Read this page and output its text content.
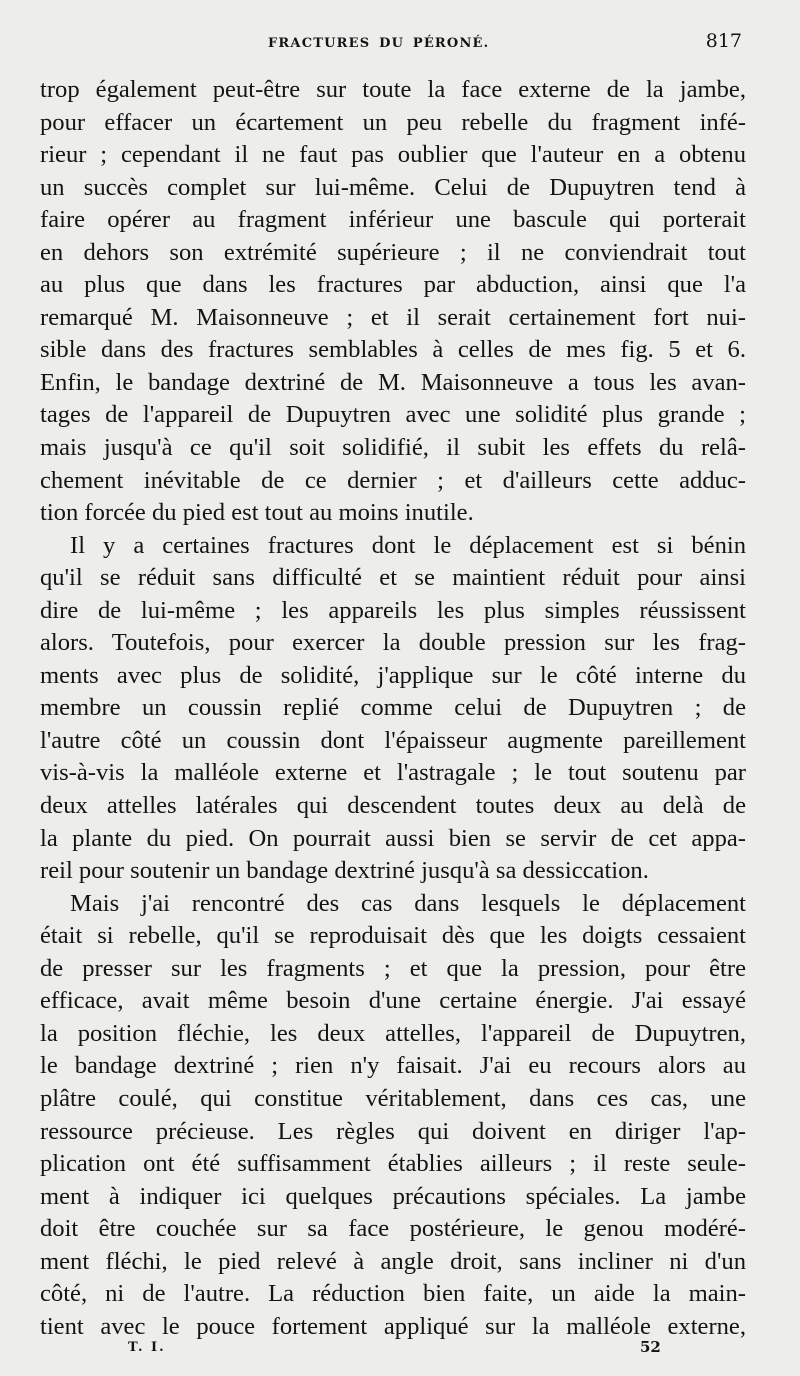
FRACTURES DU PÉRONÉ.	817
trop également peut-être sur toute la face externe de la jambe,
pour effacer un écartement un peu rebelle du fragment infé-
rieur ; cependant il ne faut pas oublier que l'auteur en a obtenu
un succès complet sur lui-même. Celui de Dupuytren tend à
faire opérer au fragment inférieur une bascule qui porterait
en dehors son extrémité supérieure ; il ne conviendrait tout
au plus que dans les fractures par abduction, ainsi que l'a
remarqué M. Maisonneuve ; et il serait certainement fort nui-
sible dans des fractures semblables à celles de mes fig. 5 et 6.
Enfin, le bandage dextriné de M. Maisonneuve a tous les avan-
tages de l'appareil de Dupuytren avec une solidité plus grande ;
mais jusqu'à ce qu'il soit solidifié, il subit les effets du relâ-
chement inévitable de ce dernier ; et d'ailleurs cette adduc-
tion forcée du pied est tout au moins inutile.
Il y a certaines fractures dont le déplacement est si bénin
qu'il se réduit sans difficulté et se maintient réduit pour ainsi
dire de lui-même ; les appareils les plus simples réussissent
alors. Toutefois, pour exercer la double pression sur les frag-
ments avec plus de solidité, j'applique sur le côté interne du
membre un coussin replié comme celui de Dupuytren ; de
l'autre côté un coussin dont l'épaisseur augmente pareillement
vis-à-vis la malléole externe et l'astragale ; le tout soutenu par
deux attelles latérales qui descendent toutes deux au delà de
la plante du pied. On pourrait aussi bien se servir de cet appa-
reil pour soutenir un bandage dextriné jusqu'à sa dessiccation.
Mais j'ai rencontré des cas dans lesquels le déplacement
était si rebelle, qu'il se reproduisait dès que les doigts cessaient
de presser sur les fragments ; et que la pression, pour être
efficace, avait même besoin d'une certaine énergie. J'ai essayé
la position fléchie, les deux attelles, l'appareil de Dupuytren,
le bandage dextriné ; rien n'y faisait. J'ai eu recours alors au
plâtre coulé, qui constitue véritablement, dans ces cas, une
ressource précieuse. Les règles qui doivent en diriger l'ap-
plication ont été suffisamment établies ailleurs ; il reste seule-
ment à indiquer ici quelques précautions spéciales. La jambe
doit être couchée sur sa face postérieure, le genou modéré-
ment fléchi, le pied relevé à angle droit, sans incliner ni d'un
côté, ni de l'autre. La réduction bien faite, un aide la main-
tient avec le pouce fortement appliqué sur la malléole externe,
T. I.	52
